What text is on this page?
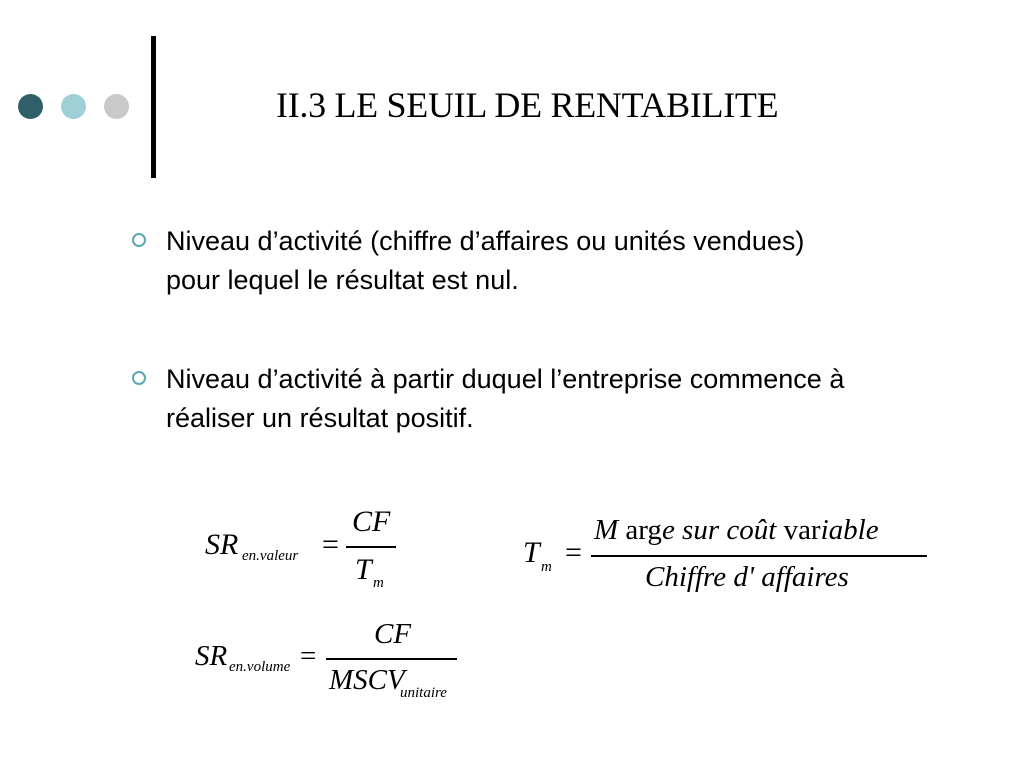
II.3 LE SEUIL DE RENTABILITE
Niveau d’activité (chiffre d’affaires ou unités vendues) pour lequel le résultat est nul.
Niveau d’activité à partir duquel l’entreprise commence à réaliser un résultat positif.
SR en.valeur =
CF
T m
T m =
M arge sur coût variable
Chiffre d' affaires
SR en.volume =
CF
MSCV
unitaire
